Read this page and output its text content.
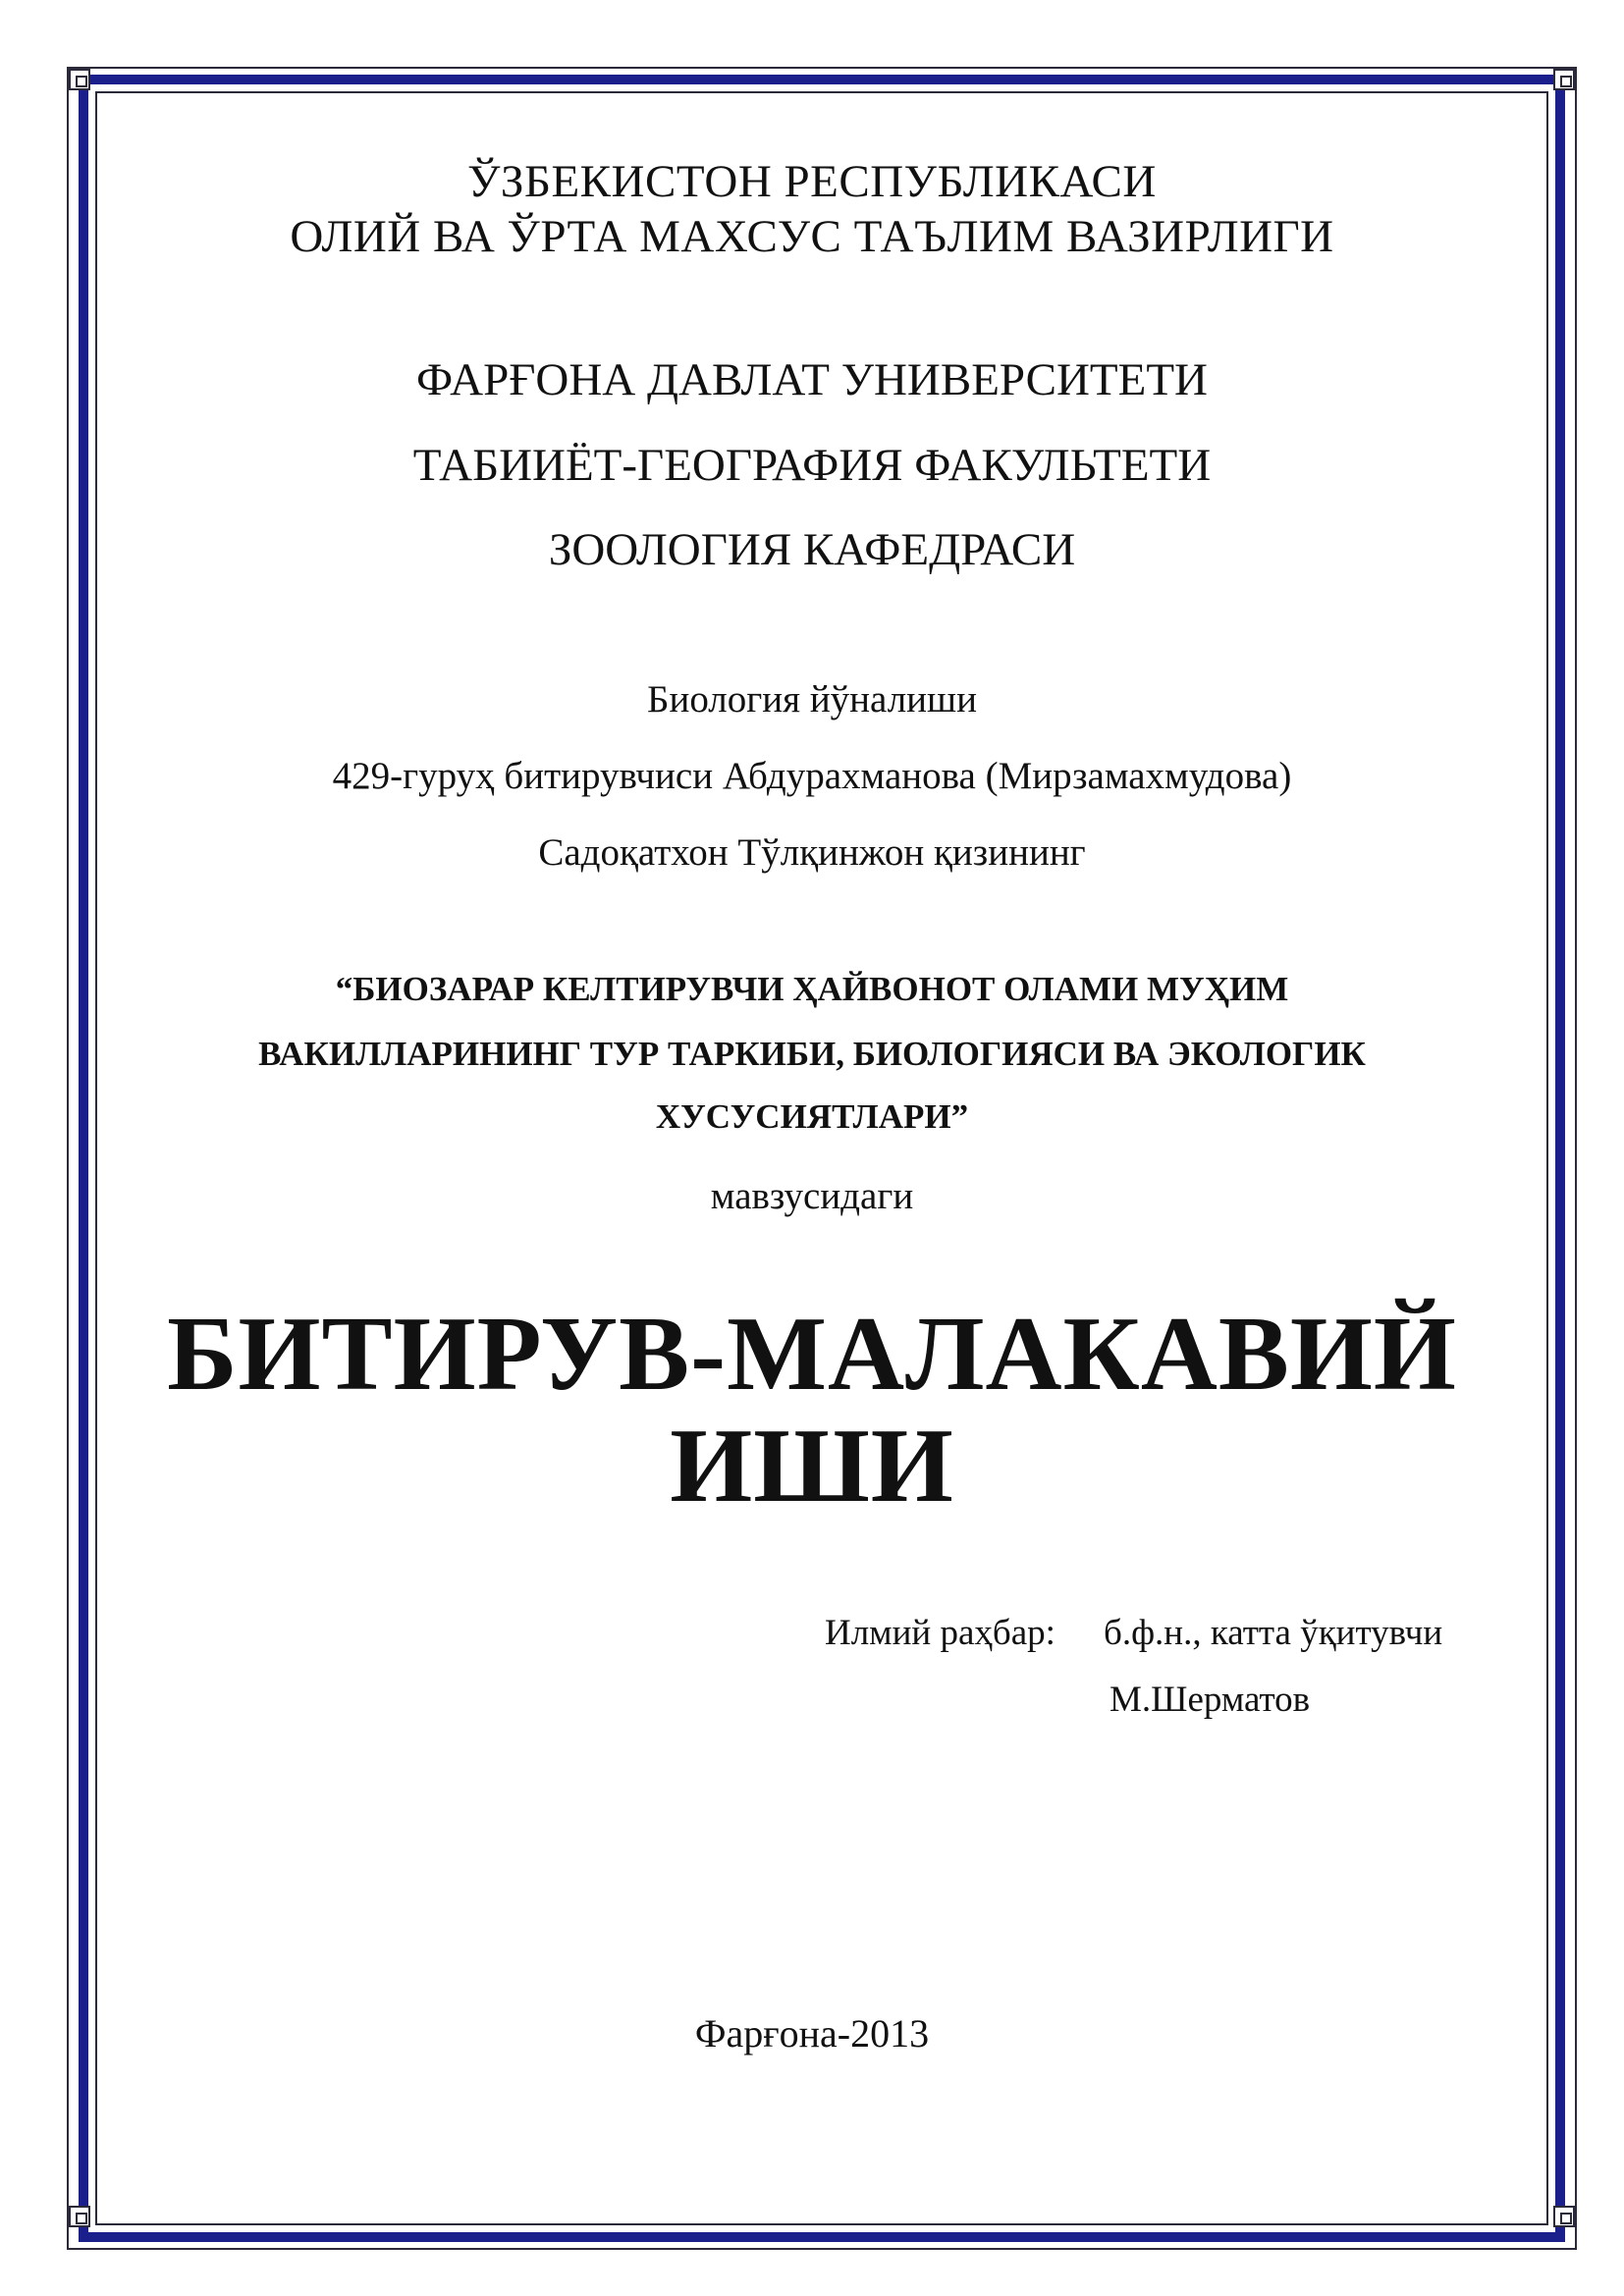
ЎЗБЕКИСТОН РЕСПУБЛИКАСИ
ОЛИЙ ВА ЎРТА МАХСУС ТАЪЛИМ ВАЗИРЛИГИ
ФАРҒОНА ДАВЛАТ УНИВЕРСИТЕТИ
ТАБИИЁТ-ГЕОГРАФИЯ ФАКУЛЬТЕТИ
ЗООЛОГИЯ КАФЕДРАСИ
Биология йўналиши
429-гуруҳ битирувчиси Абдурахманова (Мирзамахмудова)
Садоқатхон Тўлқинжон қизининг
“БИОЗАРАР КЕЛТИРУВЧИ ҲАЙВОНОТ ОЛАМИ МУҲИМ
ВАКИЛЛАРИНИНГ ТУР ТАРКИБИ, БИОЛОГИЯСИ ВА ЭКОЛОГИК
ХУСУСИЯТЛАРИ”
мавзусидаги
БИТИРУВ-МАЛАКАВИЙ
ИШИ
Илмий раҳбар: б.ф.н., катта ўқитувчи
М.Шерматов
Фарғона-2013
